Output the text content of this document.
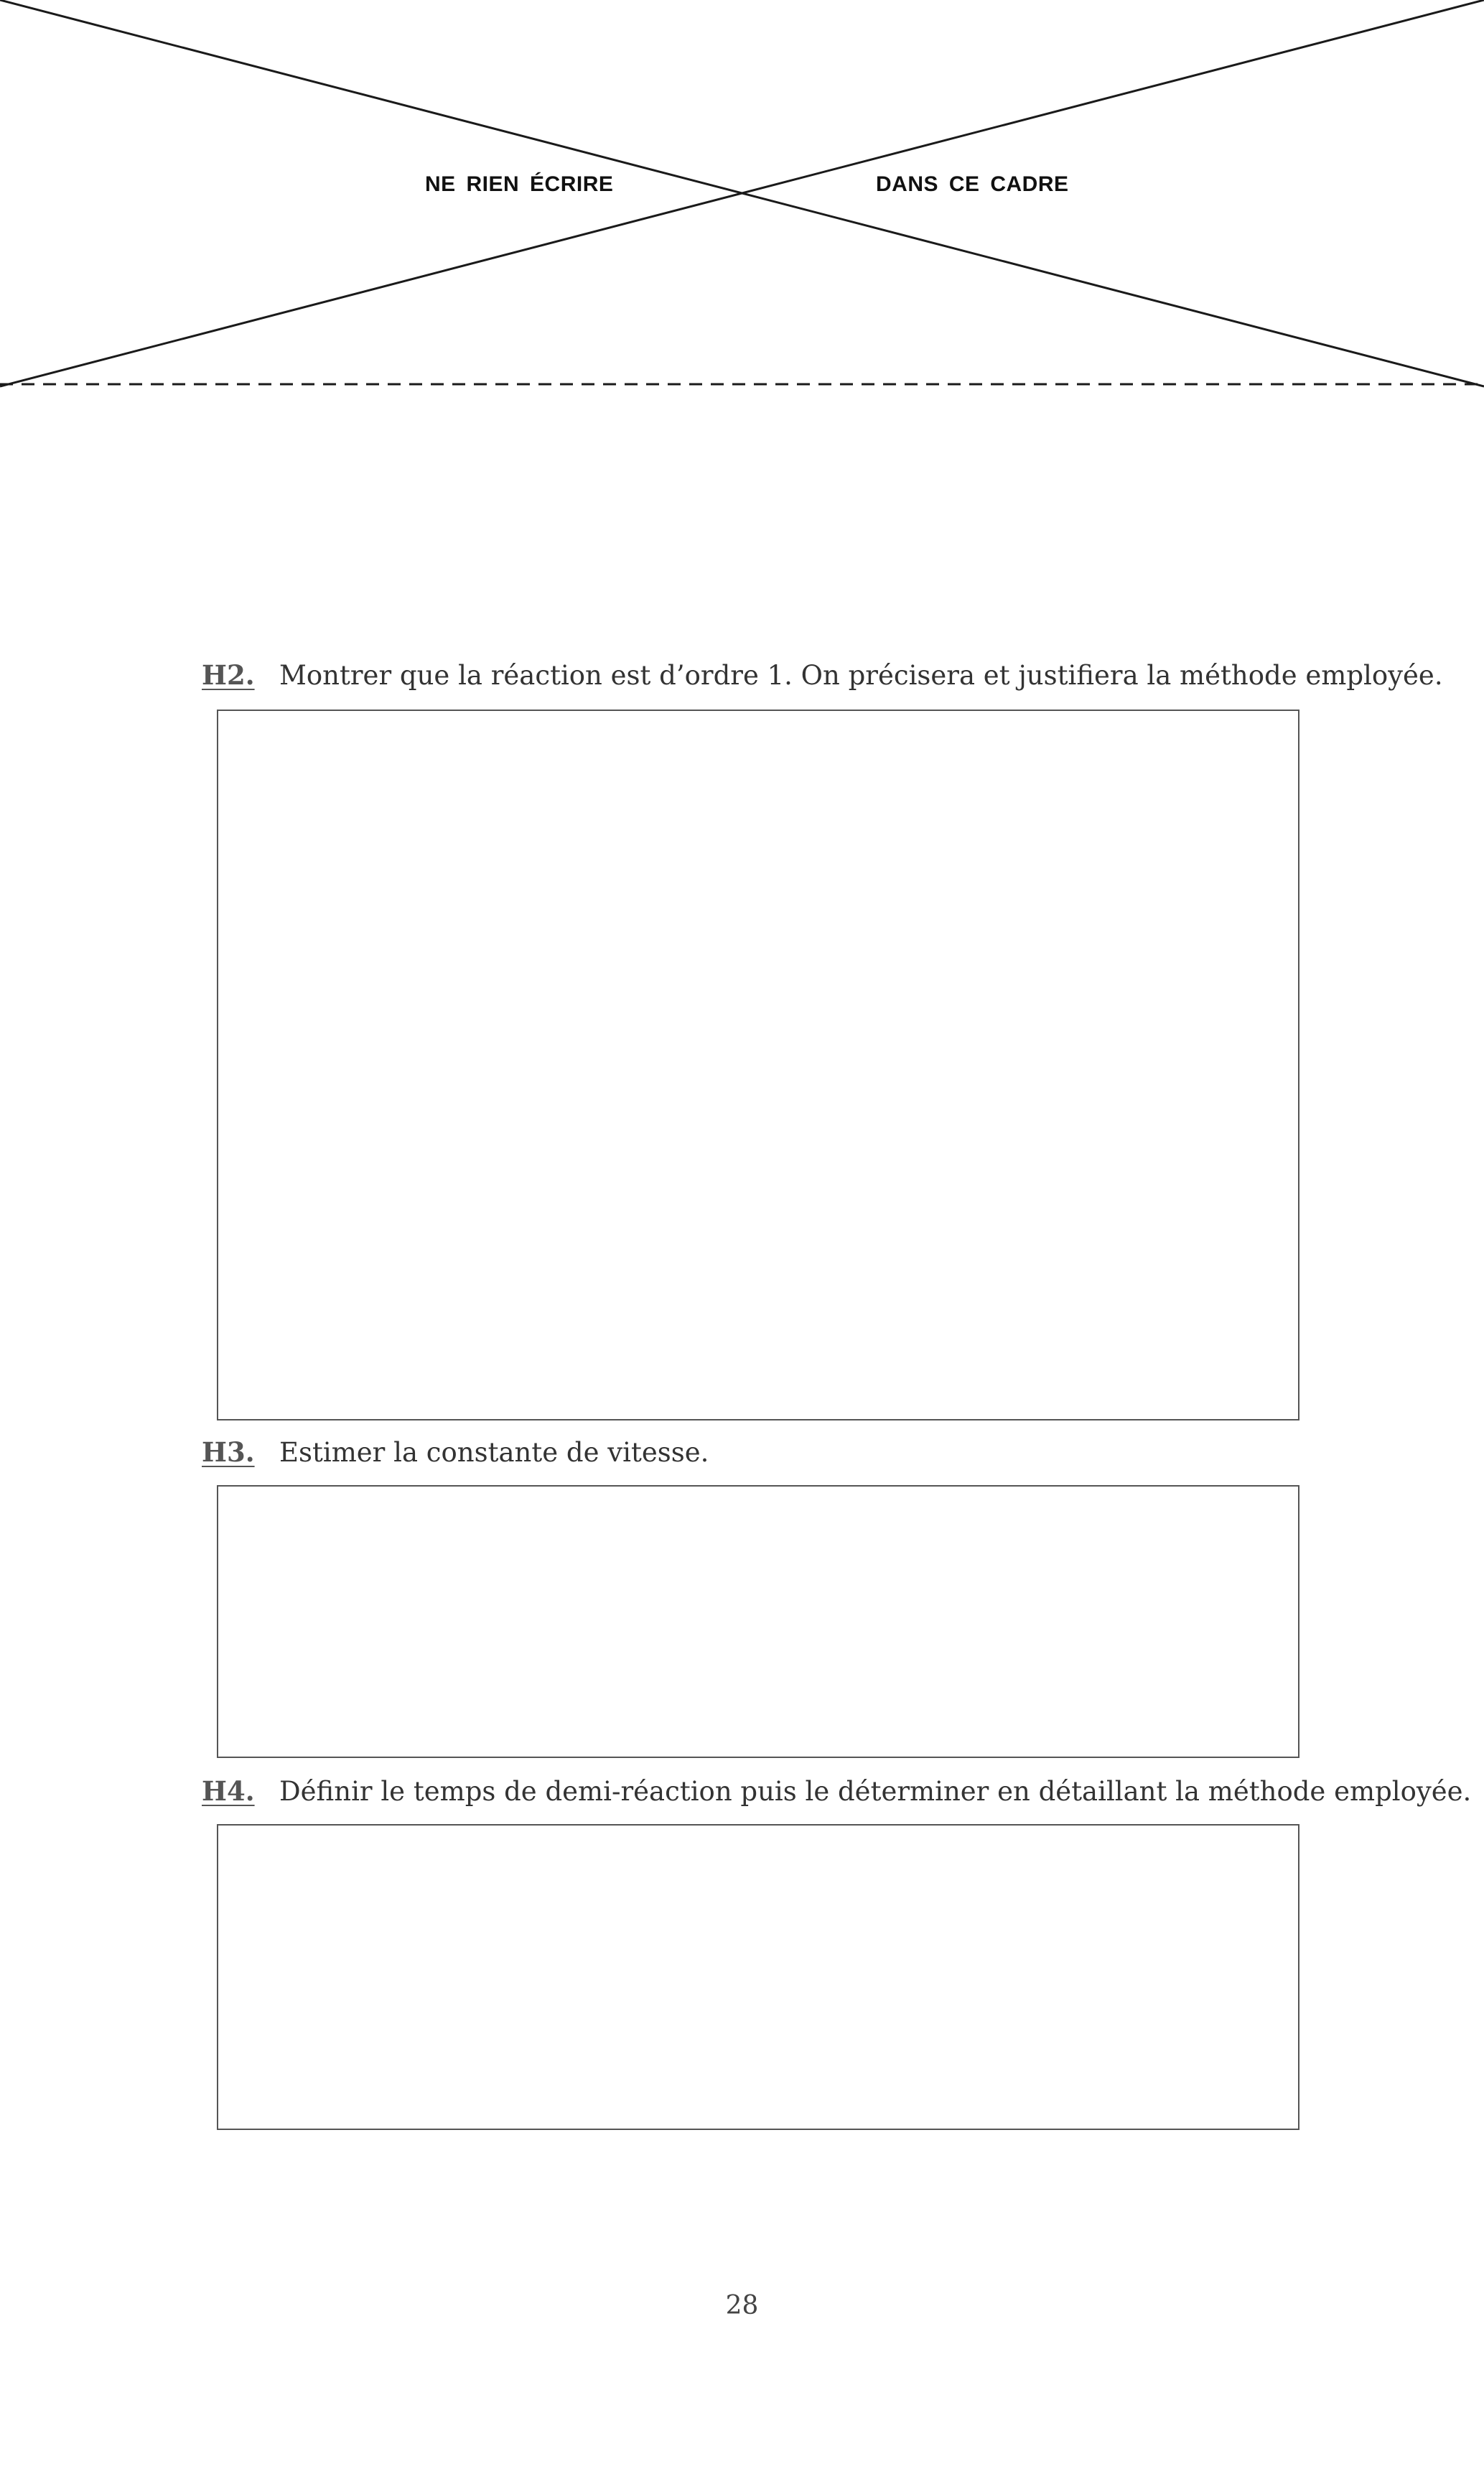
NE RIEN ÉCRIRE	DANS CE CADRE
H2. Montrer que la réaction est d’ordre 1. On précisera et justifiera la méthode employée.
H3. Estimer la constante de vitesse.
H4. Définir le temps de demi-réaction puis le déterminer en détaillant la méthode employée.
28
